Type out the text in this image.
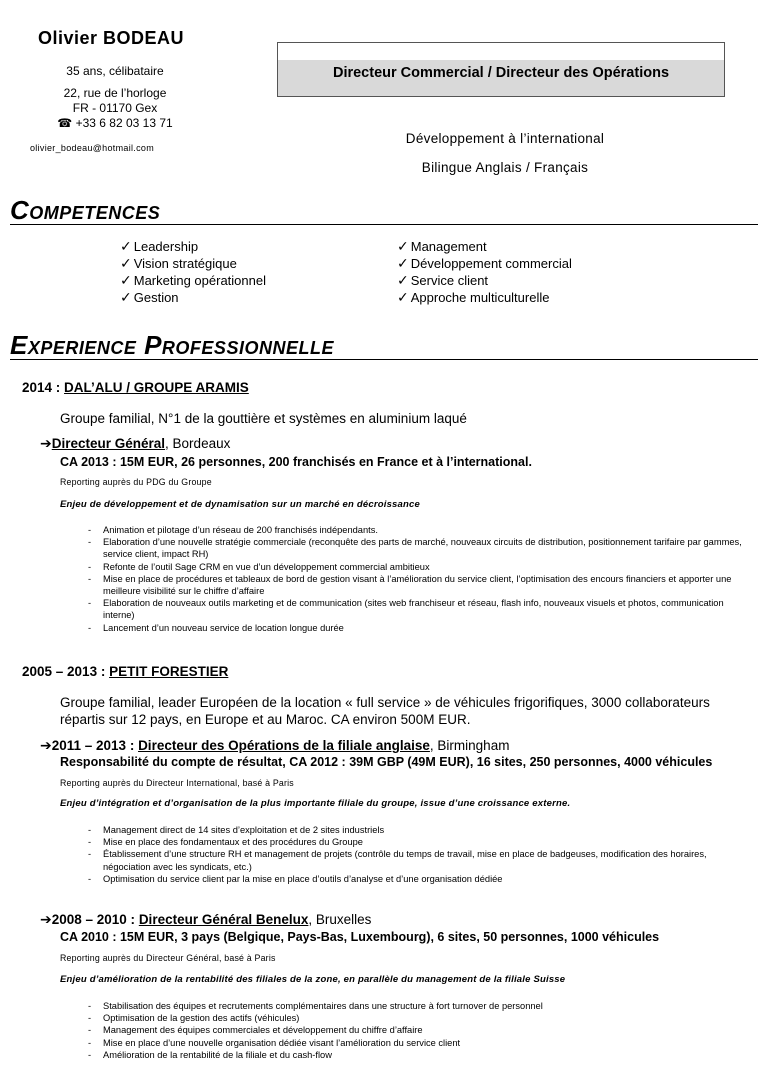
Olivier BODEAU
35 ans, célibataire
22, rue de l’horloge
FR - 01170 Gex
☎ +33 6 82 03 13 71
olivier_bodeau@hotmail.com
Directeur Commercial / Directeur des Opérations
Développement à l’international
Bilingue Anglais / Français
Competences
✓ Leadership
✓ Vision stratégique
✓ Marketing opérationnel
✓ Gestion
✓ Management
✓ Développement commercial
✓ Service client
✓ Approche multiculturelle
Experience Professionnelle
2014 : DAL’ALU / GROUPE ARAMIS
Groupe familial, N°1 de la gouttière et systèmes en aluminium laqué
➔Directeur Général, Bordeaux
CA 2013 : 15M EUR, 26 personnes, 200 franchisés en France et à l’international.
Reporting auprès du PDG du Groupe
Enjeu de développement et de dynamisation sur un marché en décroissance
- Animation et pilotage d’un réseau de 200 franchisés indépendants.
- Elaboration d’une nouvelle stratégie commerciale (reconquête des parts de marché, nouveaux circuits de distribution, positionnement tarifaire par gammes, service client, impact RH)
- Refonte de l’outil Sage CRM en vue d’un développement commercial ambitieux
- Mise en place de procédures et tableaux de bord de gestion visant à l’amélioration du service client, l’optimisation des encours financiers et apporter une meilleure visibilité sur le chiffre d’affaire
- Elaboration de nouveaux outils marketing et de communication (sites web franchiseur et réseau, flash info, nouveaux visuels et photos, communication interne)
- Lancement d’un nouveau service de location longue durée
2005 – 2013 : PETIT FORESTIER
Groupe familial, leader Européen de la location « full service » de véhicules frigorifiques, 3000 collaborateurs répartis sur 12 pays, en Europe et au Maroc. CA environ 500M EUR.
➔2011 – 2013 : Directeur des Opérations de la filiale anglaise, Birmingham
Responsabilité du compte de résultat, CA 2012 : 39M GBP (49M EUR), 16 sites, 250 personnes, 4000 véhicules
Reporting auprès du Directeur International, basé à Paris
Enjeu d’intégration et d’organisation de la plus importante filiale du groupe, issue d’une croissance externe.
- Management direct de 14 sites d’exploitation et de 2 sites industriels
- Mise en place des fondamentaux et des procédures du Groupe
- Établissement d’une structure RH et management de projets (contrôle du temps de travail, mise en place de badgeuses, modification des horaires, négociation avec les syndicats, etc.)
- Optimisation du service client par la mise en place d’outils d’analyse et d’une organisation dédiée
➔2008 – 2010 : Directeur Général Benelux, Bruxelles
CA 2010 : 15M EUR, 3 pays (Belgique, Pays-Bas, Luxembourg), 6 sites, 50 personnes, 1000 véhicules
Reporting auprès du Directeur Général, basé à Paris
Enjeu d’amélioration de la rentabilité des filiales de la zone, en parallèle du management de la filiale Suisse
- Stabilisation des équipes et recrutements complémentaires dans une structure à fort turnover de personnel
- Optimisation de la gestion des actifs (véhicules)
- Management des équipes commerciales et développement du chiffre d’affaire
- Mise en place d’une nouvelle organisation dédiée visant l’amélioration du service client
- Amélioration de la rentabilité de la filiale et du cash-flow
